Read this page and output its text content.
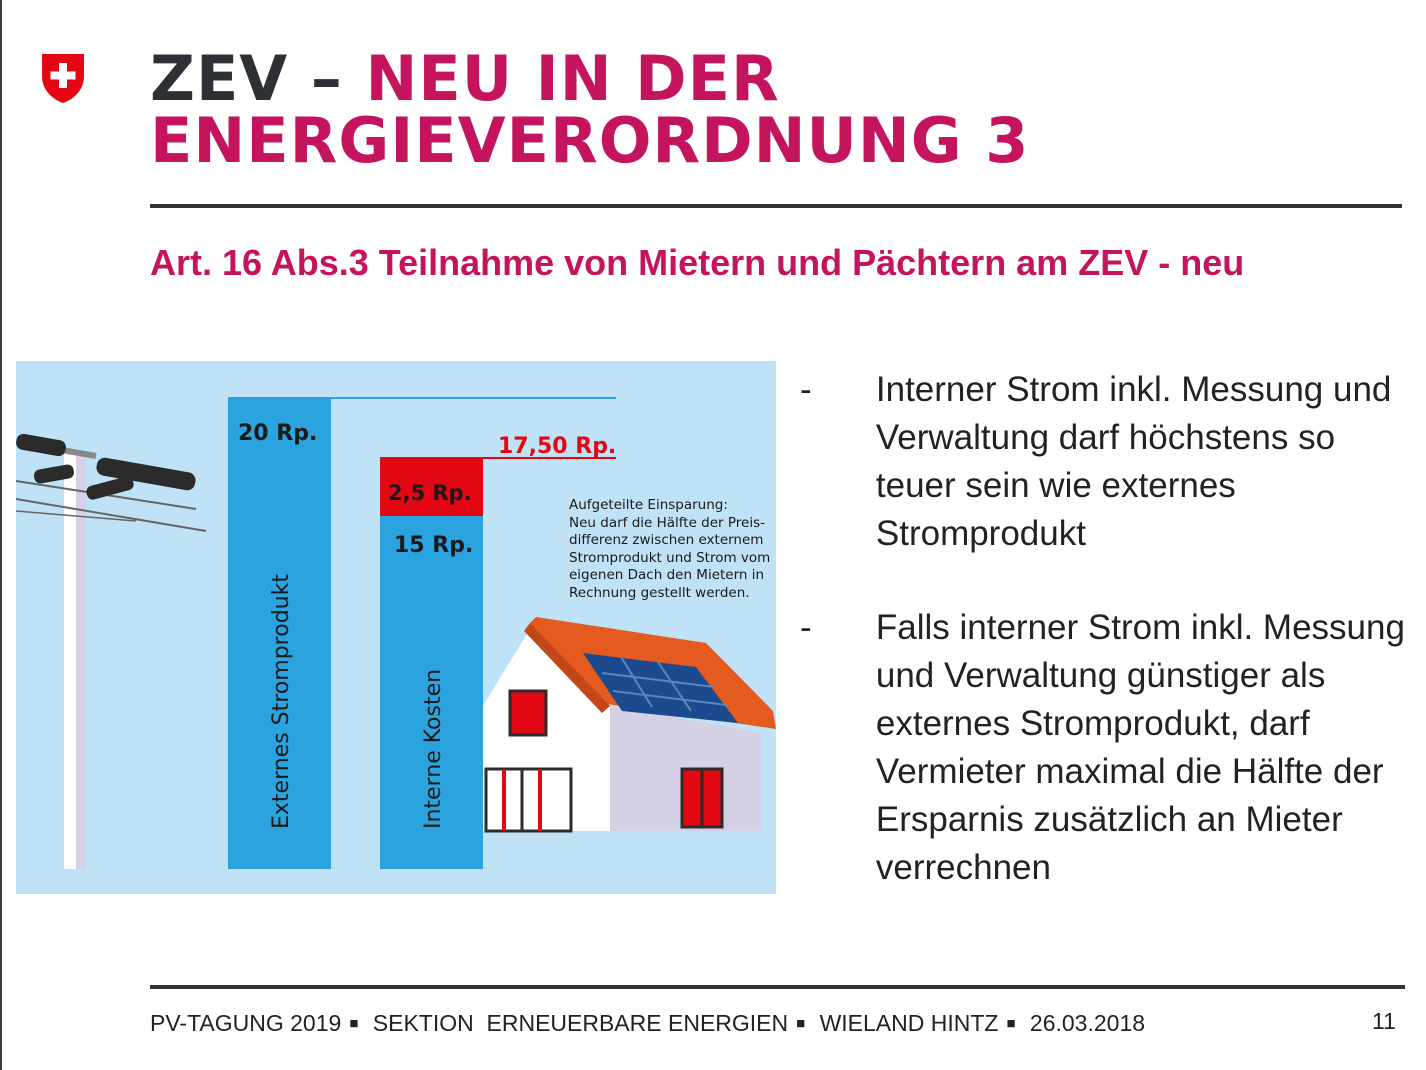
ZEV – NEU IN DER
ENERGIEVERORDNUNG 3
Art. 16 Abs.3 Teilnahme von Mietern und Pächtern am ZEV - neu
20 Rp.
Externes Stromprodukt
17,50 Rp.
2,5 Rp.
15 Rp.
Interne Kosten
Aufgeteilte Einsparung:
Neu darf die Hälfte der Preis-
differenz zwischen externem
Stromprodukt und Strom vom
eigenen Dach den Mietern in
Rechnung gestellt werden.
-	Interner Strom inkl. Messung und Verwaltung darf höchstens so teuer sein wie externes Stromprodukt
-	Falls interner Strom inkl. Messung und Verwaltung günstiger als externes Stromprodukt, darf Vermieter maximal die Hälfte der Ersparnis zusätzlich an Mieter verrechnen
PV-TAGUNG 2019 ■ SEKTION  ERNEUERBARE ENERGIEN ■ WIELAND HINTZ ■ 26.03.2018	11
